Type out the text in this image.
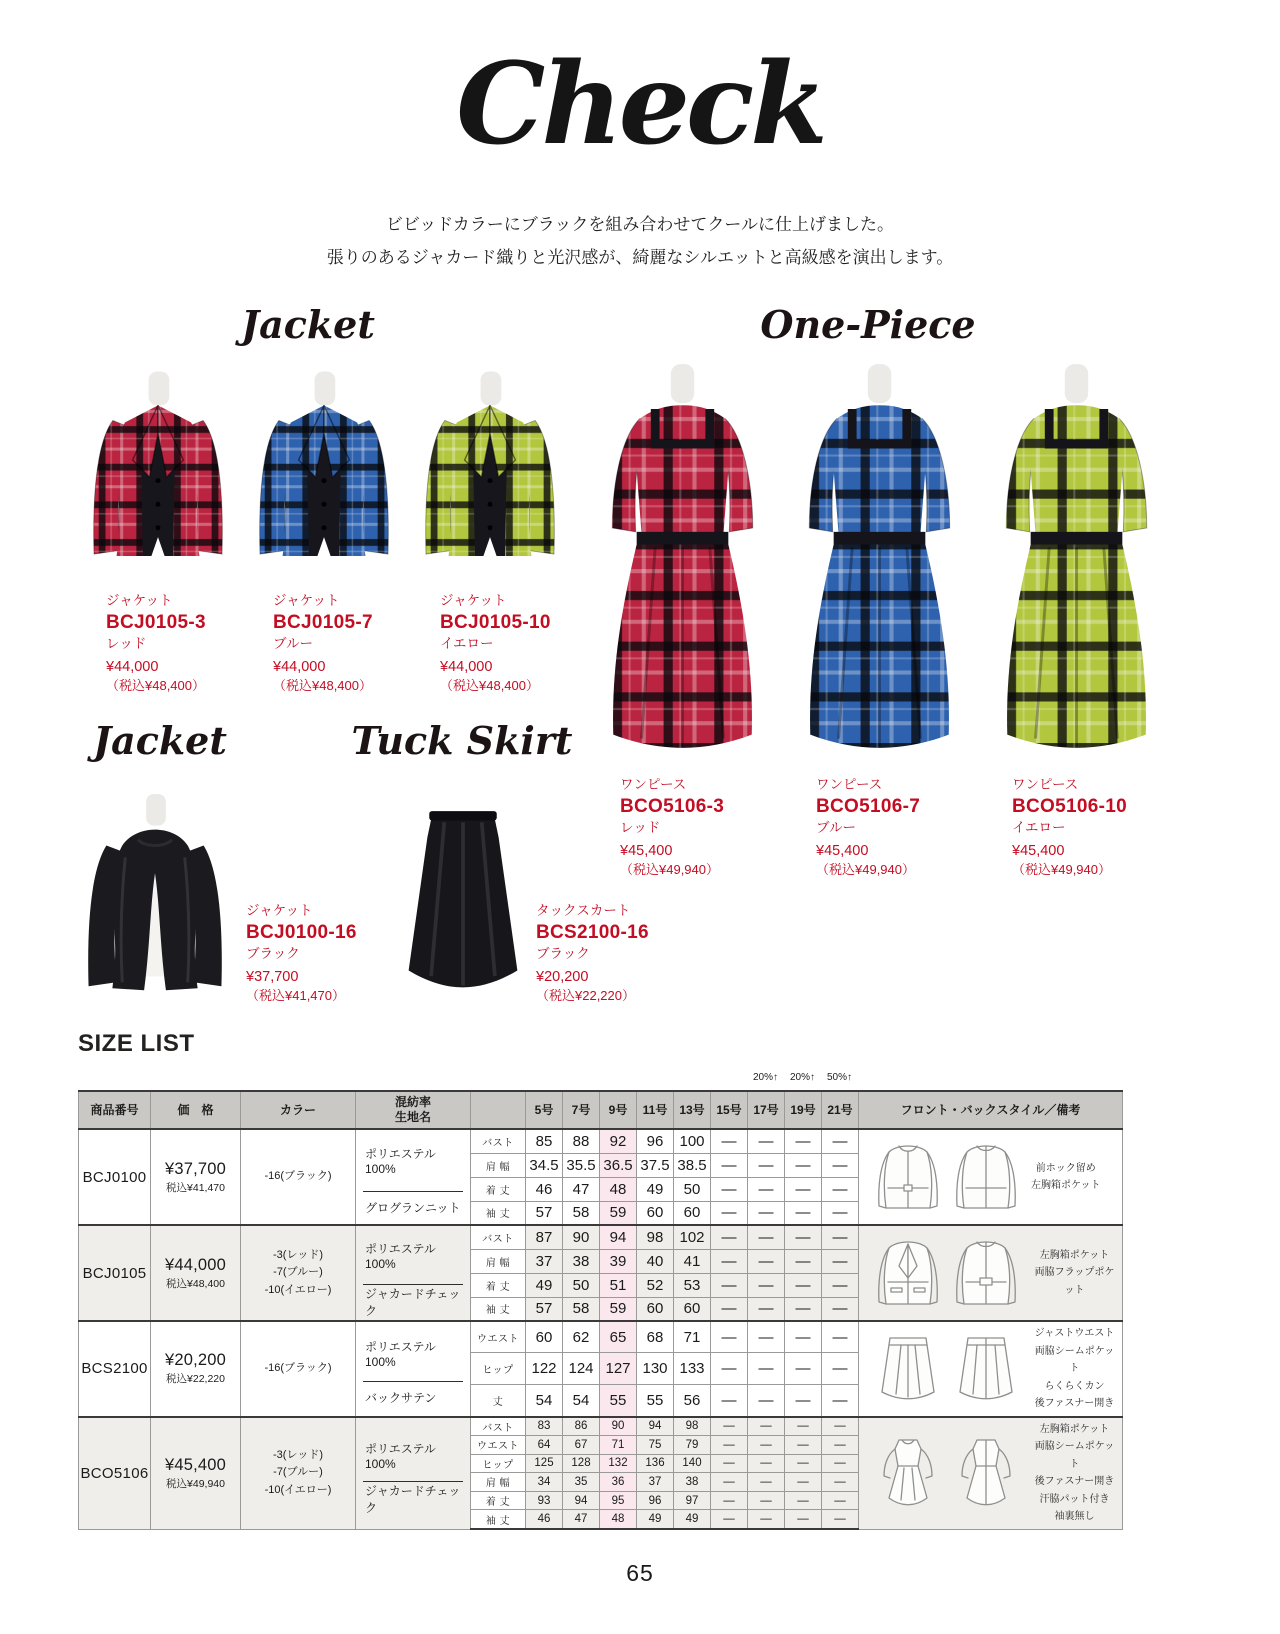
Check
ビビッドカラーにブラックを組み合わせてクールに仕上げました。
張りのあるジャカード織りと光沢感が、綺麗なシルエットと高級感を演出します。
Jacket	One-Piece
Jacket	Tuck Skirt
ジャケット
BCJ0105-3
レッド
¥44,000
（税込¥48,400）
ジャケット
BCJ0105-7
ブルー
¥44,000
（税込¥48,400）
ジャケット
BCJ0105-10
イエロー
¥44,000
（税込¥48,400）
ワンピース
BCO5106-3
レッド
¥45,400
（税込¥49,940）
ワンピース
BCO5106-7
ブルー
¥45,400
（税込¥49,940）
ワンピース
BCO5106-10
イエロー
¥45,400
（税込¥49,940）
ジャケット
BCJ0100-16
ブラック
¥37,700
（税込¥41,470）
タックスカート
BCS2100-16
ブラック
¥20,200
（税込¥22,220）
SIZE LIST
20%↑	20%↑	50%↑
商品番号	価　格	カラー	混紡率
生地名		5号	7号	9号	11号	13号	15号	17号	19号	21号	フロント・バックスタイル／備考
BCJ0100	¥37,700
税込¥41,470

-16(ブラック)

ポリエステル　100%
グログランニット
	バスト	85	88	92	96	100	—	—	—	—	
前ホック留め
左胸箱ポケット

				肩 幅	34.5	35.5	36.5	37.5	38.5	—	—	—	—	
				着 丈	46	47	48	49	50	—	—	—	—	
				袖 丈	57	58	59	60	60	—	—	—	—	
BCJ0105	¥44,000
税込¥48,400

-3(レッド)
-7(ブルー)
-10(イエロー)

ポリエステル　100%
ジャカードチェック
	バスト	87	90	94	98	102	—	—	—	—	
左胸箱ポケット
両脇フラップポケット

				肩 幅	37	38	39	40	41	—	—	—	—	
				着 丈	49	50	51	52	53	—	—	—	—	
				袖 丈	57	58	59	60	60	—	—	—	—	
BCS2100	¥20,200
税込¥22,220

-16(ブラック)

ポリエステル　100%
バックサテン
	ウエスト	60	62	65	68	71	—	—	—	—	ジャストウエスト
両脇シームポケット
らくらくカン
後ファスナー開き

				ヒップ	122	124	127	130	133	—	—	—	—	
				丈	54	54	55	55	56	—	—	—	—	
BCO5106	¥45,400
税込¥49,940

-3(レッド)
-7(ブルー)
-10(イエロー)

ポリエステル　100%
ジャカードチェック
	バスト	83	86	90	94	98	—	—	—	—	左胸箱ポケット
両脇シームポケット
後ファスナー開き
汗脇パット付き
袖裏無し

				ウエスト	64	67	71	75	79	—	—	—	—	
				ヒップ	125	128	132	136	140	—	—	—	—	
				肩 幅	34	35	36	37	38	—	—	—	—	
				着 丈	93	94	95	96	97	—	—	—	—	
				袖 丈	46	47	48	49	49	—	—	—	—	
65
